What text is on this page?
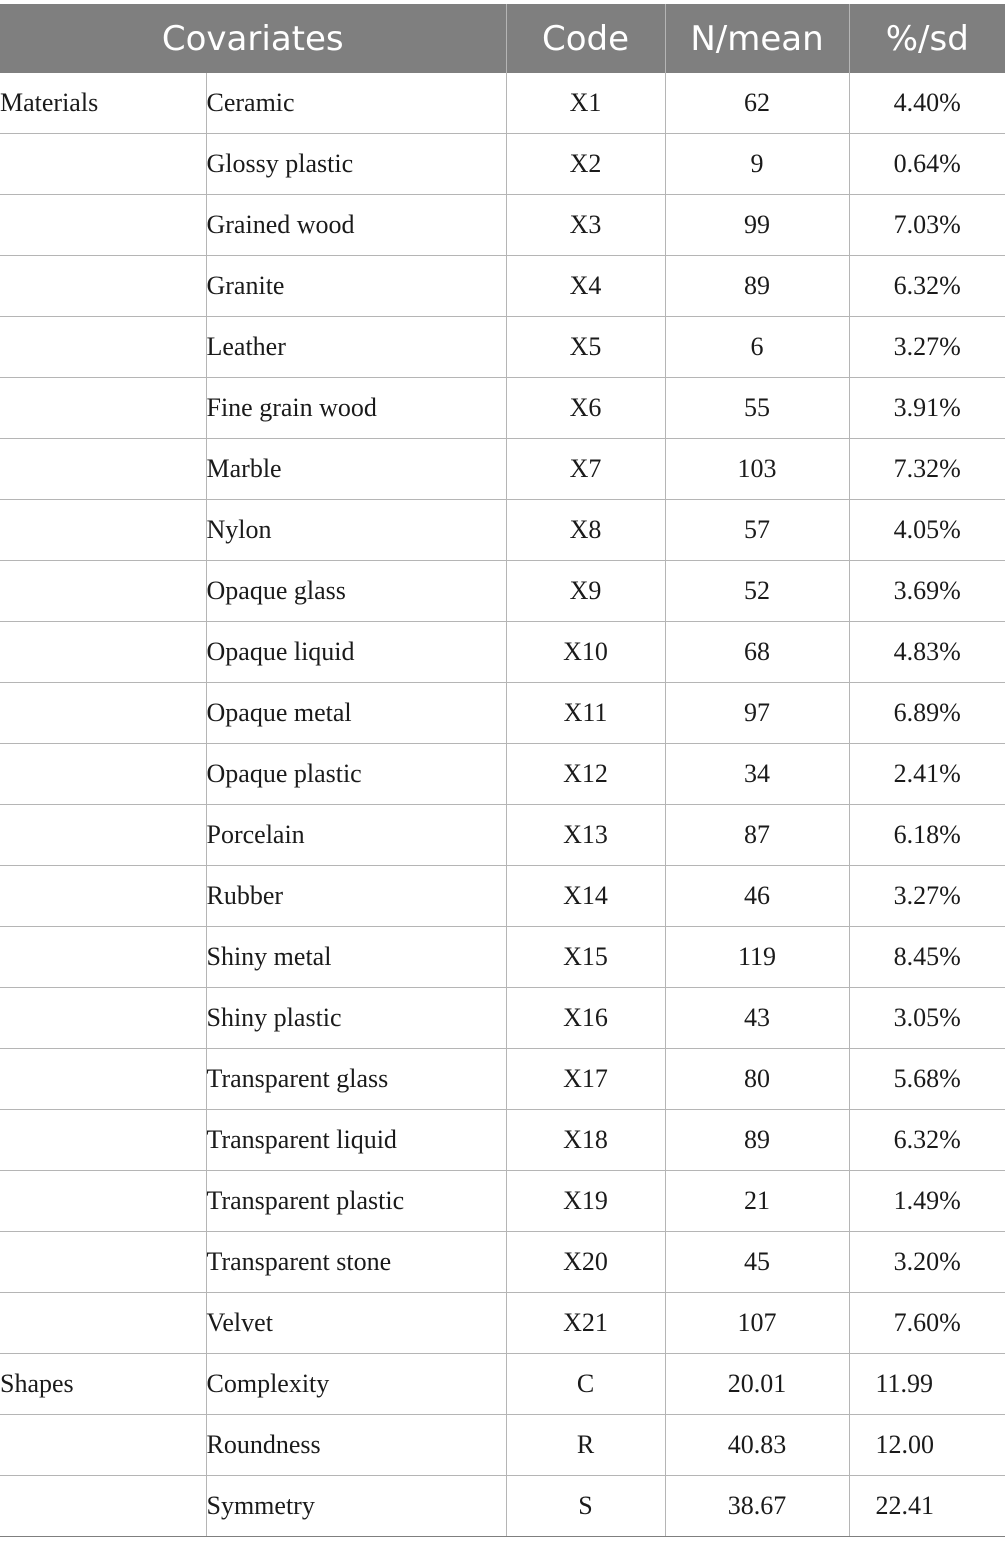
Covariates		Code	N/mean	%/sd
Materials	Ceramic	X1	62	4.40%
	Glossy plastic	X2	9	0.64%
	Grained wood	X3	99	7.03%
	Granite	X4	89	6.32%
	Leather	X5	6	3.27%
	Fine grain wood	X6	55	3.91%
	Marble	X7	103	7.32%
	Nylon	X8	57	4.05%
	Opaque glass	X9	52	3.69%
	Opaque liquid	X10	68	4.83%
	Opaque metal	X11	97	6.89%
	Opaque plastic	X12	34	2.41%
	Porcelain	X13	87	6.18%
	Rubber	X14	46	3.27%
	Shiny metal	X15	119	8.45%
	Shiny plastic	X16	43	3.05%
	Transparent glass	X17	80	5.68%
	Transparent liquid	X18	89	6.32%
	Transparent plastic	X19	21	1.49%
	Transparent stone	X20	45	3.20%
	Velvet	X21	107	7.60%
Shapes	Complexity	C	20.01	11.99
	Roundness	R	40.83	12.00
	Symmetry	S	38.67	22.41
